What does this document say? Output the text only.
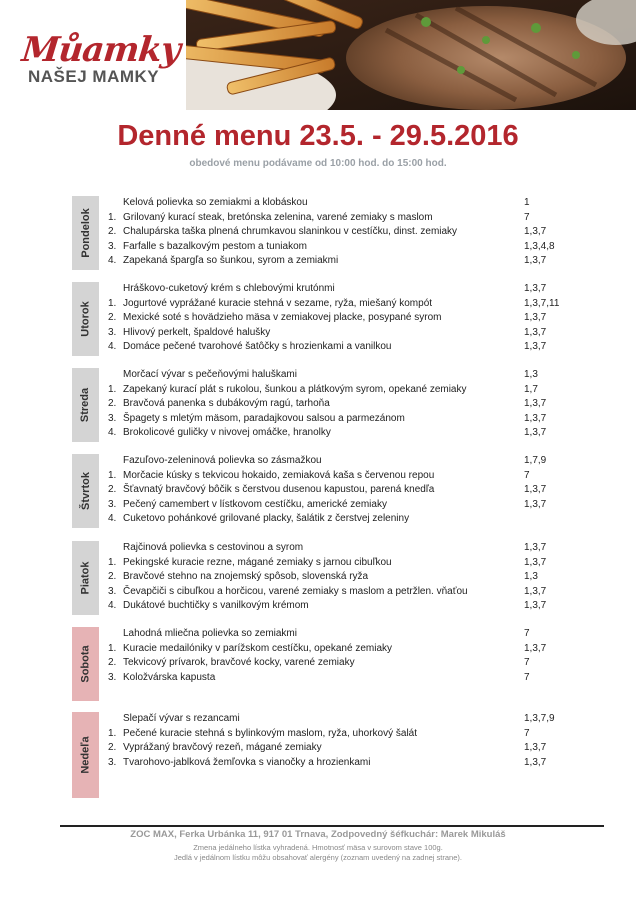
Můamky
NAŠEJ MAMKY
Denné menu 23.5. - 29.5.2016
obedové menu podávame od 10:00 hod. do 15:00 hod.
Pondelok
Kelová polievka so zemiakmi a klobáskou	1
1. Grilovaný kurací steak, bretónska zelenina, varené zemiaky s maslom	7
2. Chalupárska taška plnená chrumkavou slaninkou v cestíčku, dinst. zemiaky	1,3,7
3. Farfalle s bazalkovým pestom a tuniakom	1,3,4,8
4. Zapekaná špargľa so šunkou, syrom a zemiakmi	1,3,7
Utorok
Hráškovo-cuketový krém s chlebovými krutónmi	1,3,7
1. Jogurtové vyprážané kuracie stehná v sezame, ryža, miešaný kompót	1,3,7,11
2. Mexické soté s hovädzieho mäsa v zemiakovej placke, posypané syrom	1,3,7
3. Hlivový perkelt, špaldové halušky	1,3,7
4. Domáce pečené tvarohové šatôčky s hrozienkami a vanilkou	1,3,7
Streda
Morčací vývar s pečeňovými haluškami	1,3
1. Zapekaný kurací plát s rukolou, šunkou a plátkovým syrom, opekané zemiaky	1,7
2. Bravčová panenka s dubákovým ragú, tarhoňa	1,3,7
3. Špagety s mletým mäsom, paradajkovou salsou a parmezánom	1,3,7
4. Brokolicové guličky v nivovej omáčke, hranolky	1,3,7
Štvrtok
Fazuľovo-zeleninová polievka so zásmažkou	1,7,9
1. Morčacie kúsky s tekvicou hokaido, zemiaková kaša s červenou repou	7
2. Šťavnatý bravčový bôčik s čerstvou dusenou kapustou, parená knedľa	1,3,7
3. Pečený camembert v lístkovom cestíčku, americké zemiaky	1,3,7
4. Cuketovo pohánkové grilované placky, šalátik z čerstvej zeleniny
Piatok
Rajčinová polievka s cestovinou a syrom	1,3,7
1. Pekingské kuracie rezne, mágané zemiaky s jarnou cibuľkou	1,3,7
2. Bravčové stehno na znojemský spôsob, slovenská ryža	1,3
3. Čevapčiči s cibuľkou a horčicou, varené zemiaky s maslom a petržlen. vňaťou	1,3,7
4. Dukátové buchtičky s vanilkovým krémom	1,3,7
Sobota
Lahodná mliečna polievka so zemiakmi	7
1. Kuracie medailóniky v parížskom cestíčku, opekané zemiaky	1,3,7
2. Tekvicový prívarok, bravčové kocky, varené zemiaky	7
3. Koložvárska kapusta	7
Nedeľa
Slepačí vývar s rezancami	1,3,7,9
1. Pečené kuracie stehná s bylinkovým maslom, ryža, uhorkový šalát	7
2. Vyprážaný bravčový rezeň, mágané zemiaky	1,3,7
3. Tvarohovo-jablková žemľovka s vianočky a hrozienkami	1,3,7
ZOC MAX, Ferka Urbánka 11, 917 01 Trnava, Zodpovedný šéfkuchár: Marek Mikuláš
Zmena jedálneho lístka vyhradená. Hmotnosť mäsa v surovom stave 100g.
Jedlá v jedálnom lístku môžu obsahovať alergény (zoznam uvedený na zadnej strane).
